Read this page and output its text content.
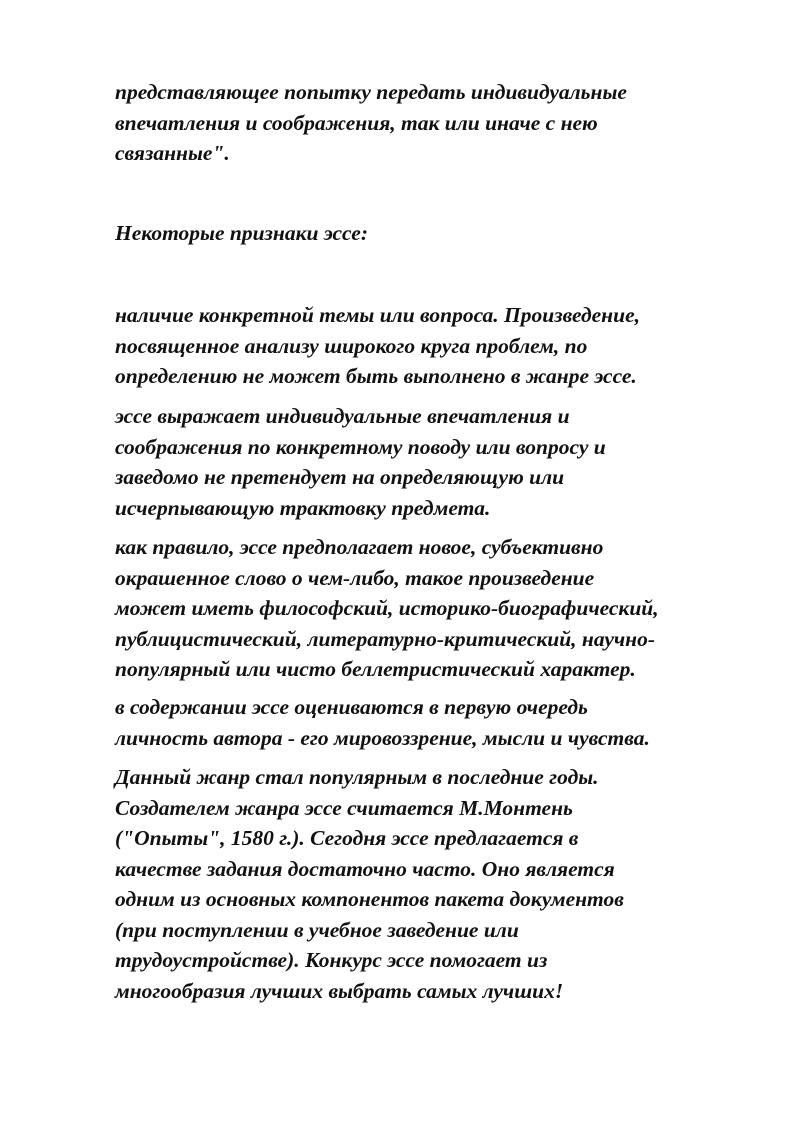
представляющее попытку передать индивидуальные
впечатления и соображения, так или иначе с нею
связанные".

Некоторые признаки эссе:

наличие конкретной темы или вопроса. Произведение,
посвященное анализу широкого круга проблем, по
определению не может быть выполнено в жанре эссе.

эссе выражает индивидуальные впечатления и
соображения по конкретному поводу или вопросу и
заведомо не претендует на определяющую или
исчерпывающую трактовку предмета.

как правило, эссе предполагает новое, субъективно
окрашенное слово о чем-либо, такое произведение
может иметь философский, историко-биографический,
публицистический, литературно-критический, научно-
популярный или чисто беллетристический характер.

в содержании эссе оцениваются в первую очередь
личность автора - его мировоззрение, мысли и чувства.

Данный жанр стал популярным в последние годы.
Создателем жанра эссе считается М.Монтень
("Опыты", 1580 г.). Сегодня эссе предлагается в
качестве задания достаточно часто. Оно является
одним из основных компонентов пакета документов
(при поступлении в учебное заведение или
трудоустройстве). Конкурс эссе помогает из
многообразия лучших выбрать самых лучших!
